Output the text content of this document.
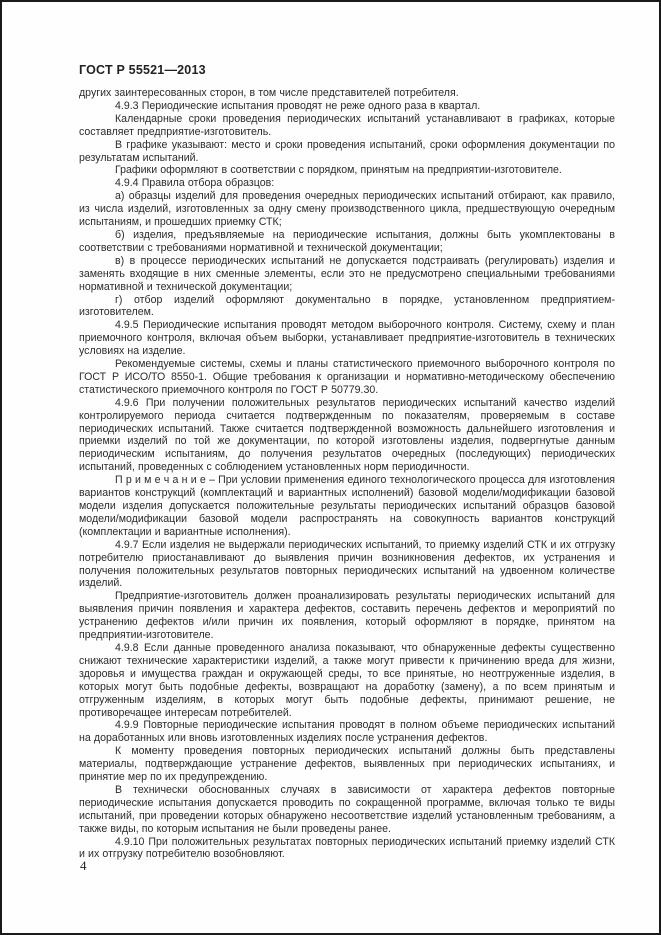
ГОСТ Р 55521—2013

других заинтересованных сторон, в том числе представителей потребителя.

4.9.3 Периодические испытания проводят не реже одного раза в квартал.

Календарные сроки проведения периодических испытаний устанавливают в графиках, которые составляет предприятие-изготовитель.

В графике указывают: место и сроки проведения испытаний, сроки оформления документации по результатам испытаний.

Графики оформляют в соответствии с порядком, принятым на предприятии-изготовителе.

4.9.4 Правила отбора образцов:

а) образцы изделий для проведения очередных периодических испытаний отбирают, как правило, из числа изделий, изготовленных за одну смену производственного цикла, предшествующую очередным испытаниям, и прошедших приемку СТК;

б) изделия, предъявляемые на периодические испытания, должны быть укомплектованы в соответствии с требованиями нормативной и технической документации;

в) в процессе периодических испытаний не допускается подстраивать (регулировать) изделия и заменять входящие в них сменные элементы, если это не предусмотрено специальными требованиями нормативной и технической документации;

г) отбор изделий оформляют документально в порядке, установленном предприятием-изготовителем.

4.9.5 Периодические испытания проводят методом выборочного контроля. Систему, схему и план приемочного контроля, включая объем выборки, устанавливает предприятие-изготовитель в технических условиях на изделие.

Рекомендуемые системы, схемы и планы статистического приемочного выборочного контроля по ГОСТ Р ИСО/ТО 8550-1. Общие требования к организации и нормативно-методическому обеспечению статистического приемочного контроля по ГОСТ Р 50779.30.

4.9.6 При получении положительных результатов периодических испытаний качество изделий контролируемого периода считается подтвержденным по показателям, проверяемым в составе периодических испытаний. Также считается подтвержденной возможность дальнейшего изготовления и приемки изделий по той же документации, по которой изготовлены изделия, подвергнутые данным периодическим испытаниям, до получения результатов очередных (последующих) периодических испытаний, проведенных с соблюдением установленных норм периодичности.

П р и м е ч а н и е – При условии применения единого технологического процесса для изготовления вариантов конструкций (комплектаций и вариантных исполнений) базовой модели/модификации базовой модели изделия допускается положительные результаты периодических испытаний образцов базовой модели/модификации базовой модели распространять на совокупность вариантов конструкций (комплектации и вариантные исполнения).

4.9.7 Если изделия не выдержали периодических испытаний, то приемку изделий СТК и их отгрузку потребителю приостанавливают до выявления причин возникновения дефектов, их устранения и получения положительных результатов повторных периодических испытаний на удвоенном количестве изделий.

Предприятие-изготовитель должен проанализировать результаты периодических испытаний для выявления причин появления и характера дефектов, составить перечень дефектов и мероприятий по устранению дефектов и/или причин их появления, который оформляют в порядке, принятом на предприятии-изготовителе.

4.9.8 Если данные проведенного анализа показывают, что обнаруженные дефекты существенно снижают технические характеристики изделий, а также могут привести к причинению вреда для жизни, здоровья и имущества граждан и окружающей среды, то все принятые, но неотгруженные изделия, в которых могут быть подобные дефекты, возвращают на доработку (замену), а по всем принятым и отгруженным изделиям, в которых могут быть подобные дефекты, принимают решение, не противоречащее интересам потребителей.

4.9.9 Повторные периодические испытания проводят в полном объеме периодических испытаний на доработанных или вновь изготовленных изделиях после устранения дефектов.

К моменту проведения повторных периодических испытаний должны быть представлены материалы, подтверждающие устранение дефектов, выявленных при периодических испытаниях, и принятие мер по их предупреждению.

В технически обоснованных случаях в зависимости от характера дефектов повторные периодические испытания допускается проводить по сокращенной программе, включая только те виды испытаний, при проведении которых обнаружено несоответствие изделий установленным требованиям, а также виды, по которым испытания не были проведены ранее.

4.9.10 При положительных результатах повторных периодических испытаний приемку изделий СТК и их отгрузку потребителю возобновляют.

4
